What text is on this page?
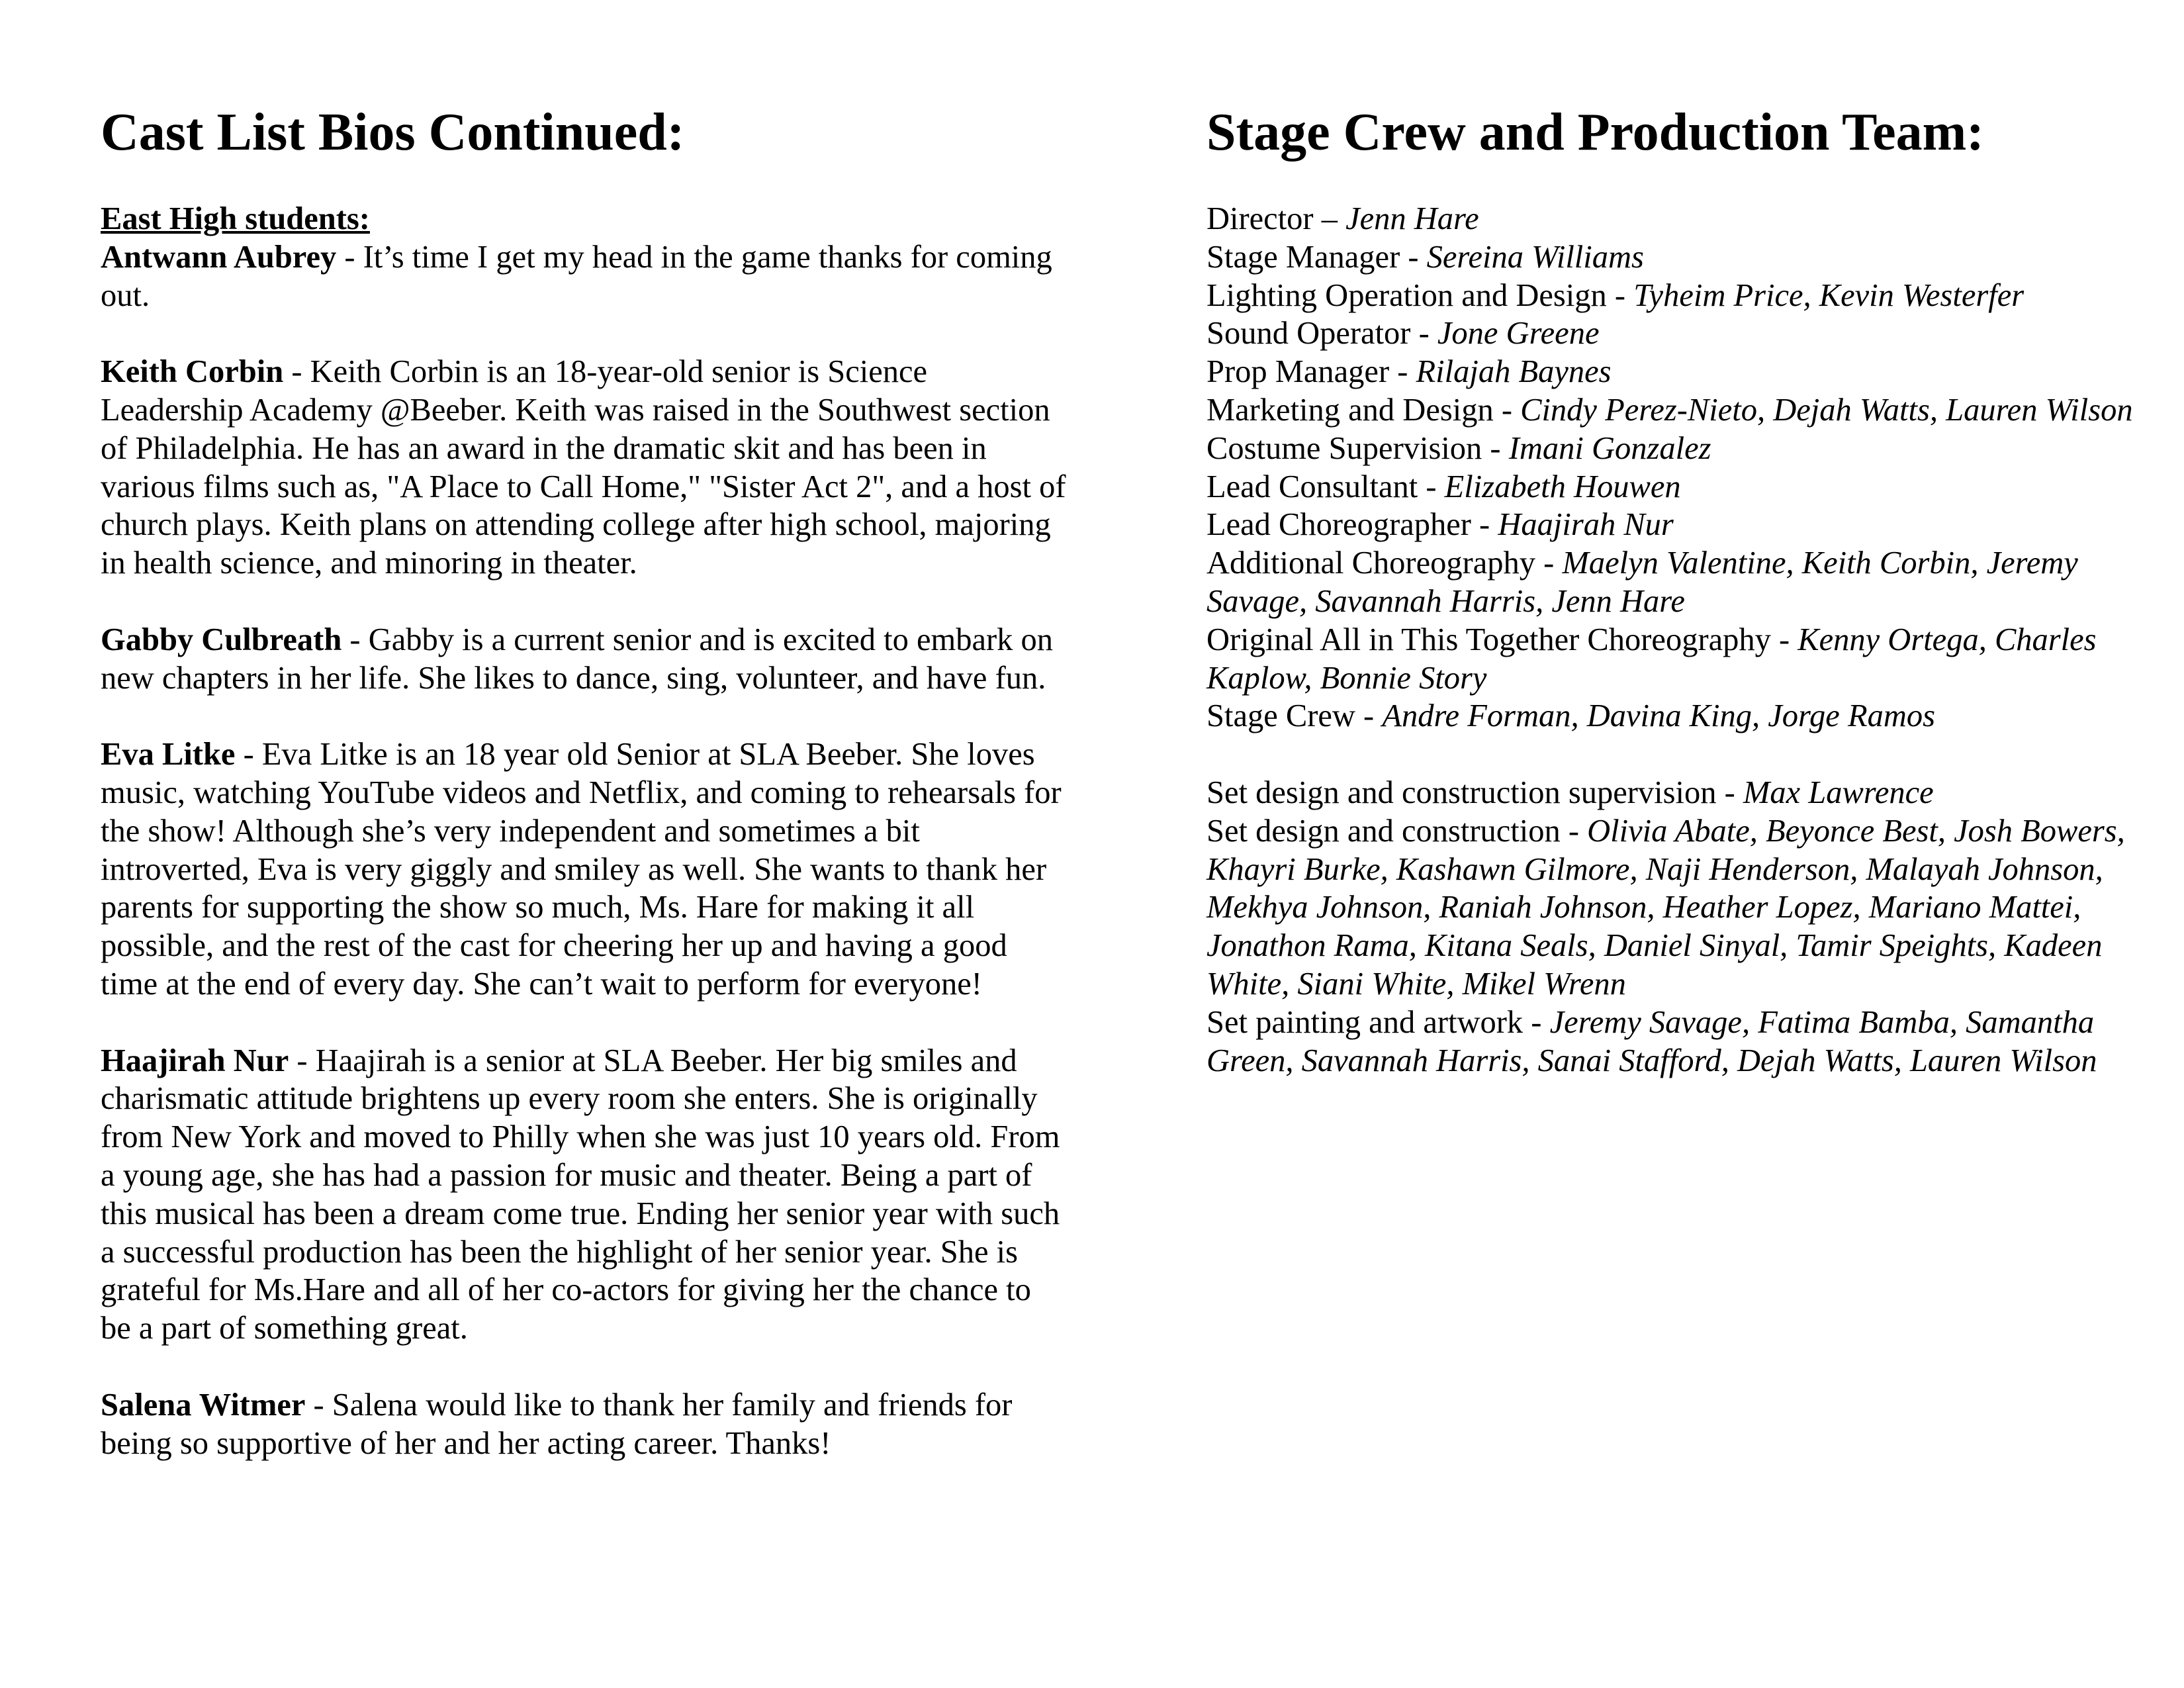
Cast List Bios Continued:

East High students:

Antwann Aubrey - It’s time I get my head in the game thanks for coming out.

Keith Corbin - Keith Corbin is an 18-year-old senior is Science Leadership Academy @Beeber. Keith was raised in the Southwest section of Philadelphia. He has an award in the dramatic skit and has been in various films such as, "A Place to Call Home," "Sister Act 2", and a host of church plays. Keith plans on attending college after high school, majoring in health science, and minoring in theater.

Gabby Culbreath - Gabby is a current senior and is excited to embark on new chapters in her life. She likes to dance, sing, volunteer, and have fun.

Eva Litke - Eva Litke is an 18 year old Senior at SLA Beeber. She loves music, watching YouTube videos and Netflix, and coming to rehearsals for the show! Although she’s very independent and sometimes a bit introverted, Eva is very giggly and smiley as well. She wants to thank her parents for supporting the show so much, Ms. Hare for making it all possible, and the rest of the cast for cheering her up and having a good time at the end of every day. She can’t wait to perform for everyone!

Haajirah Nur - Haajirah is a senior at SLA Beeber. Her big smiles and charismatic attitude brightens up every room she enters. She is originally from New York and moved to Philly when she was just 10 years old. From a young age, she has had a passion for music and theater. Being a part of this musical has been a dream come true. Ending her senior year with such a successful production has been the highlight of her senior year. She is grateful for Ms.Hare and all of her co-actors for giving her the chance to be a part of something great.

Salena Witmer - Salena would like to thank her family and friends for being so supportive of her and her acting career. Thanks!

Stage Crew and Production Team:

Director – Jenn Hare

Stage Manager - Sereina Williams

Lighting Operation and Design - Tyheim Price, Kevin Westerfer

Sound Operator - Jone Greene

Prop Manager - Rilajah Baynes

Marketing and Design - Cindy Perez-Nieto, Dejah Watts, Lauren Wilson

Costume Supervision - Imani Gonzalez

Lead Consultant - Elizabeth Houwen

Lead Choreographer - Haajirah Nur

Additional Choreography - Maelyn Valentine, Keith Corbin, Jeremy Savage, Savannah Harris, Jenn Hare

Original All in This Together Choreography - Kenny Ortega, Charles Kaplow, Bonnie Story

Stage Crew - Andre Forman, Davina King, Jorge Ramos

Set design and construction supervision - Max Lawrence

Set design and construction - Olivia Abate, Beyonce Best, Josh Bowers, Khayri Burke, Kashawn Gilmore, Naji Henderson, Malayah Johnson, Mekhya Johnson, Raniah Johnson, Heather Lopez, Mariano Mattei, Jonathon Rama, Kitana Seals, Daniel Sinyal, Tamir Speights, Kadeen White, Siani White, Mikel Wrenn

Set painting and artwork - Jeremy Savage, Fatima Bamba, Samantha Green, Savannah Harris, Sanai Stafford, Dejah Watts, Lauren Wilson
